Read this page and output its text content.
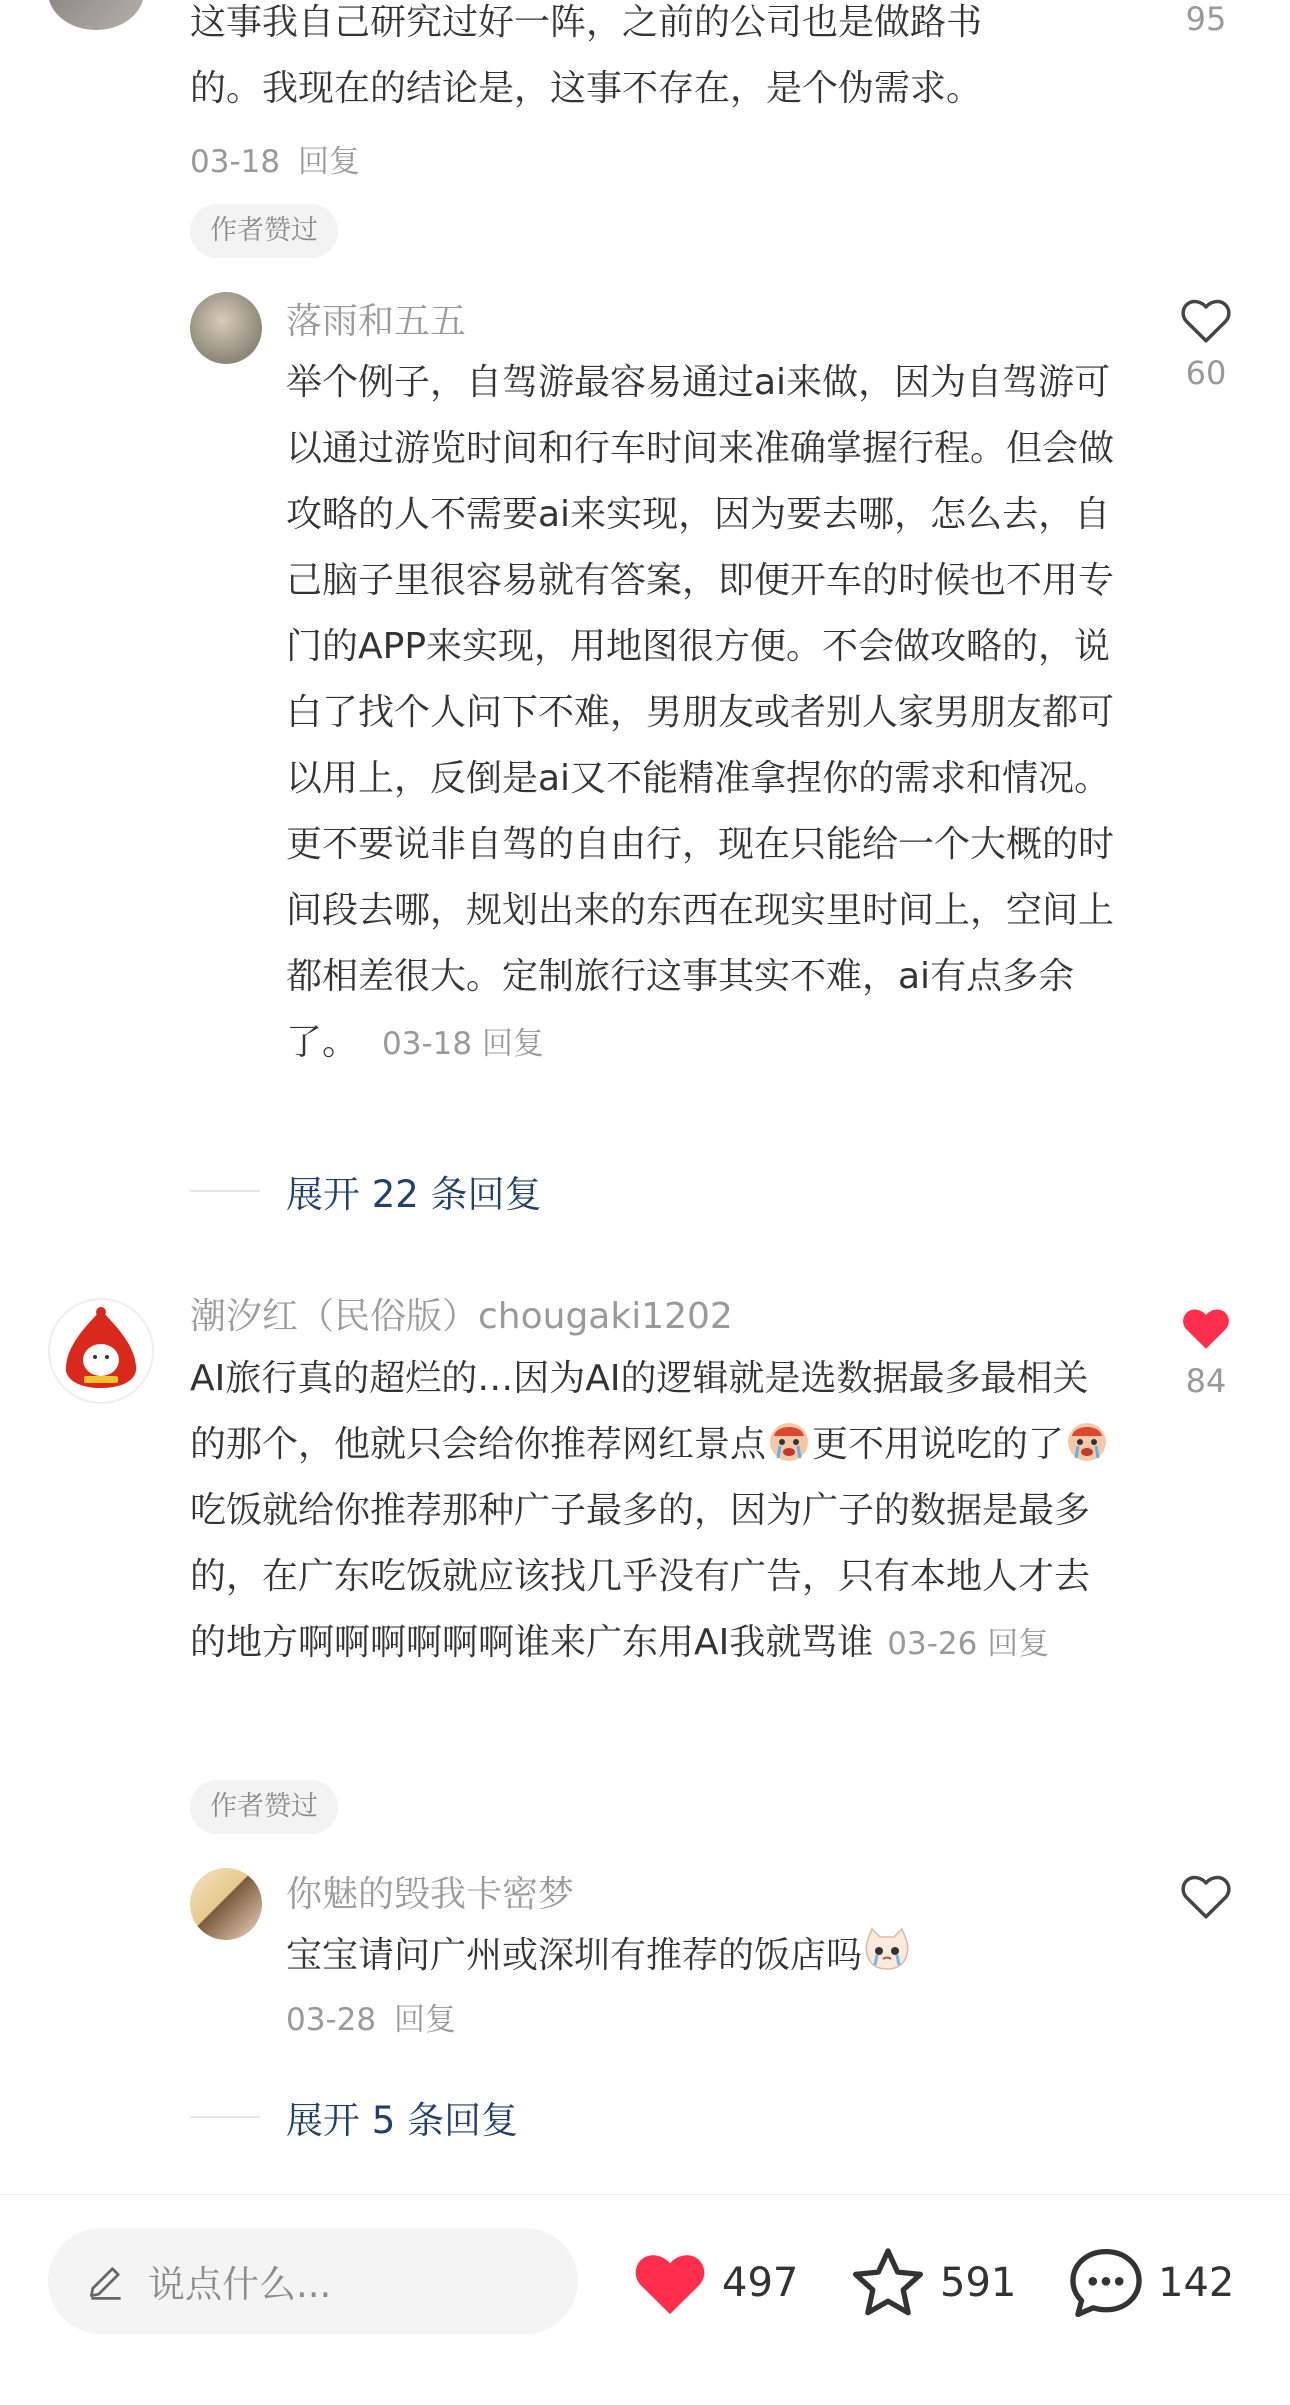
这事我自己研究过好一阵，之前的公司也是做路书
的。我现在的结论是，这事不存在，是个伪需求。
95
03-18 回复
作者赞过
落雨和五五
举个例子，自驾游最容易通过ai来做，因为自驾游可以通过游览时间和行车时间来准确掌握行程。但会做攻略的人不需要ai来实现，因为要去哪，怎么去，自己脑子里很容易就有答案，即便开车的时候也不用专门的APP来实现，用地图很方便。不会做攻略的，说白了找个人问下不难，男朋友或者别人家男朋友都可以用上，反倒是ai又不能精准拿捏你的需求和情况。更不要说非自驾的自由行，现在只能给一个大概的时间段去哪，规划出来的东西在现实里时间上，空间上都相差很大。定制旅行这事其实不难，ai有点多余了。 03-18 回复
60
展开 22 条回复
潮汐红（民俗版）chougaki1202
AI旅行真的超烂的…因为AI的逻辑就是选数据最多最相关的那个，他就只会给你推荐网红景点 更不用说吃的了吃饭就给你推荐那种广子最多的，因为广子的数据是最多的，在广东吃饭就应该找几乎没有广告，只有本地人才去的地方啊啊啊啊啊啊谁来广东用AI我就骂谁 03-26 回复
84
作者赞过
你魅的毁我卡密梦
宝宝请问广州或深圳有推荐的饭店吗
03-28 回复
展开 5 条回复
说点什么...	497	591	142
